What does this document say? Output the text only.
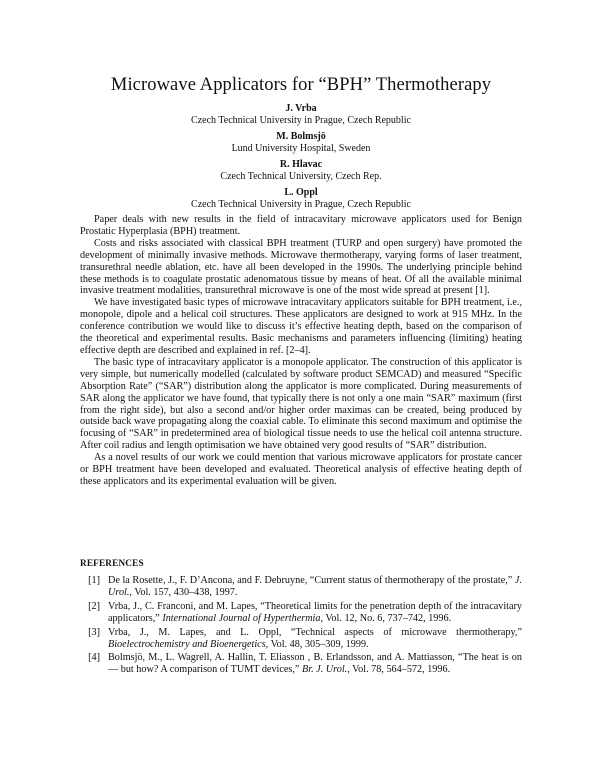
Microwave Applicators for “BPH” Thermotherapy
J. Vrba
Czech Technical University in Prague, Czech Republic
M. Bolmsjö
Lund University Hospital, Sweden
R. Hlavac
Czech Technical University, Czech Rep.
L. Oppl
Czech Technical University in Prague, Czech Republic

Paper deals with new results in the field of intracavitary microwave applicators used for Benign Prostatic Hyperplasia (BPH) treatment.

Costs and risks associated with classical BPH treatment (TURP and open surgery) have promoted the development of minimally invasive methods. Microwave thermotherapy, varying forms of laser treatment, transurethral needle ablation, etc. have all been developed in the 1990s. The underlying principle behind these methods is to coagulate prostatic adenomatous tissue by means of heat. Of all the available minimal invasive treatment modalities, transurethral microwave is one of the most wide spread at present [1].

We have investigated basic types of microwave intracavitary applicators suitable for BPH treatment, i.e., monopole, dipole and a helical coil structures. These applicators are designed to work at 915 MHz. In the conference contribution we would like to discuss it’s effective heating depth, based on the comparison of the theoretical and experimental results. Basic mechanisms and parameters influencing (limiting) heating effective depth are described and explained in ref. [2–4].

The basic type of intracavitary applicator is a monopole applicator. The construction of this applicator is very simple, but numerically modelled (calculated by software product SEMCAD) and measured “Specific Absorption Rate” (“SAR”) distribution along the applicator is more complicated. During measurements of SAR along the applicator we have found, that typically there is not only a one main “SAR” maximum (first from the right side), but also a second and/or higher order maximas can be created, being produced by outside back wave propagating along the coaxial cable. To eliminate this second maximum and optimise the focusing of “SAR” in predetermined area of biological tissue needs to use the helical coil antenna structure. After coil radius and length optimisation we have obtained very good results of “SAR” distribution.

As a novel results of our work we could mention that various microwave applicators for prostate cancer or BPH treatment have been developed and evaluated. Theoretical analysis of effective heating depth of these applicators and its experimental evaluation will be given.

REFERENCES
[1] De la Rosette, J., F. D’Ancona, and F. Debruyne, “Current status of thermotherapy of the prostate,” J. Urol., Vol. 157, 430–438, 1997.
[2] Vrba, J., C. Franconi, and M. Lapes, “Theoretical limits for the penetration depth of the intracavitary applicators,” International Journal of Hyperthermia, Vol. 12, No. 6, 737–742, 1996.
[3] Vrba, J., M. Lapes, and L. Oppl, “Technical aspects of microwave thermotherapy,” Bioelectrochemistry and Bioenergetics, Vol. 48, 305–309, 1999.
[4] Bolmsjö, M., L. Wagrell, A. Hallin, T. Eliasson , B. Erlandsson, and A. Mattiasson, “The heat is on — but how? A comparison of TUMT devices,” Br. J. Urol., Vol. 78, 564–572, 1996.
